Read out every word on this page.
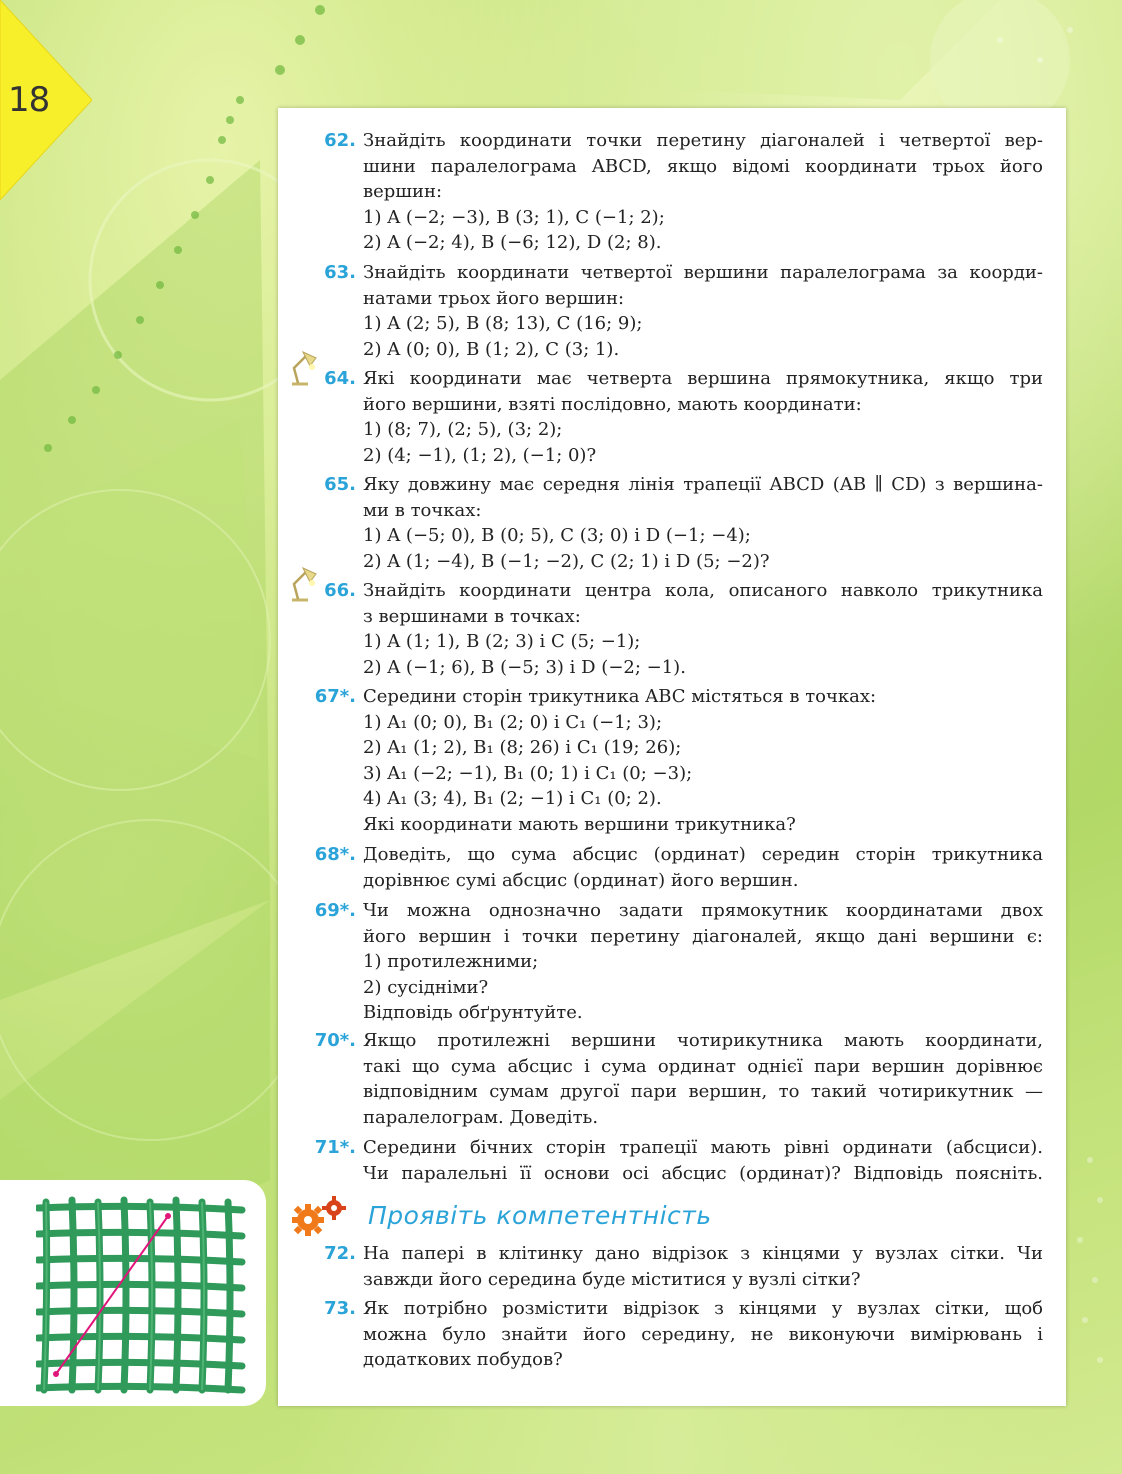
18
62. Знайдіть координати точки перетину діагоналей і четвертої вер-
шини паралелограма ABCD, якщо відомі координати трьох його
вершин:
1) A (−2; −3), B (3; 1), C (−1; 2);
2) A (−2; 4), B (−6; 12), D (2; 8).
63. Знайдіть координати четвертої вершини паралелограма за коорди-
натами трьох його вершин:
1) A (2; 5), B (8; 13), C (16; 9);
2) A (0; 0), B (1; 2), C (3; 1).
64. Які координати має четверта вершина прямокутника, якщо три
його вершини, взяті послідовно, мають координати:
1) (8; 7), (2; 5), (3; 2);
2) (4; −1), (1; 2), (−1; 0)?
65. Яку довжину має середня лінія трапеції ABCD (AB ∥ CD) з вершина-
ми в точках:
1) A (−5; 0), B (0; 5), C (3; 0) і D (−1; −4);
2) A (1; −4), B (−1; −2), C (2; 1) і D (5; −2)?
66. Знайдіть координати центра кола, описаного навколо трикутника
з вершинами в точках:
1) A (1; 1), B (2; 3) і C (5; −1);
2) A (−1; 6), B (−5; 3) і D (−2; −1).
67*. Середини сторін трикутника ABC містяться в точках:
1) A₁ (0; 0), B₁ (2; 0) і C₁ (−1; 3);
2) A₁ (1; 2), B₁ (8; 26) і C₁ (19; 26);
3) A₁ (−2; −1), B₁ (0; 1) і C₁ (0; −3);
4) A₁ (3; 4), B₁ (2; −1) і C₁ (0; 2).
Які координати мають вершини трикутника?
68*. Доведіть, що сума абсцис (ординат) середин сторін трикутника
дорівнює сумі абсцис (ординат) його вершин.
69*. Чи можна однозначно задати прямокутник координатами двох
його вершин і точки перетину діагоналей, якщо дані вершини є:
1) протилежними;
2) сусідніми?
Відповідь обґрунтуйте.
70*. Якщо протилежні вершини чотирикутника мають координати,
такі що сума абсцис і сума ординат однієї пари вершин дорівнює
відповідним сумам другої пари вершин, то такий чотирикутник —
паралелограм. Доведіть.
71*. Середини бічних сторін трапеції мають рівні ординати (абсциси).
Чи паралельні її основи осі абсцис (ординат)? Відповідь поясніть.
Проявіть компетентність
72. На папері в клітинку дано відрізок з кінцями у вузлах сітки. Чи
завжди його середина буде міститися у вузлі сітки?
73. Як потрібно розмістити відрізок з кінцями у вузлах сітки, щоб
можна було знайти його середину, не виконуючи вимірювань і
додаткових побудов?
